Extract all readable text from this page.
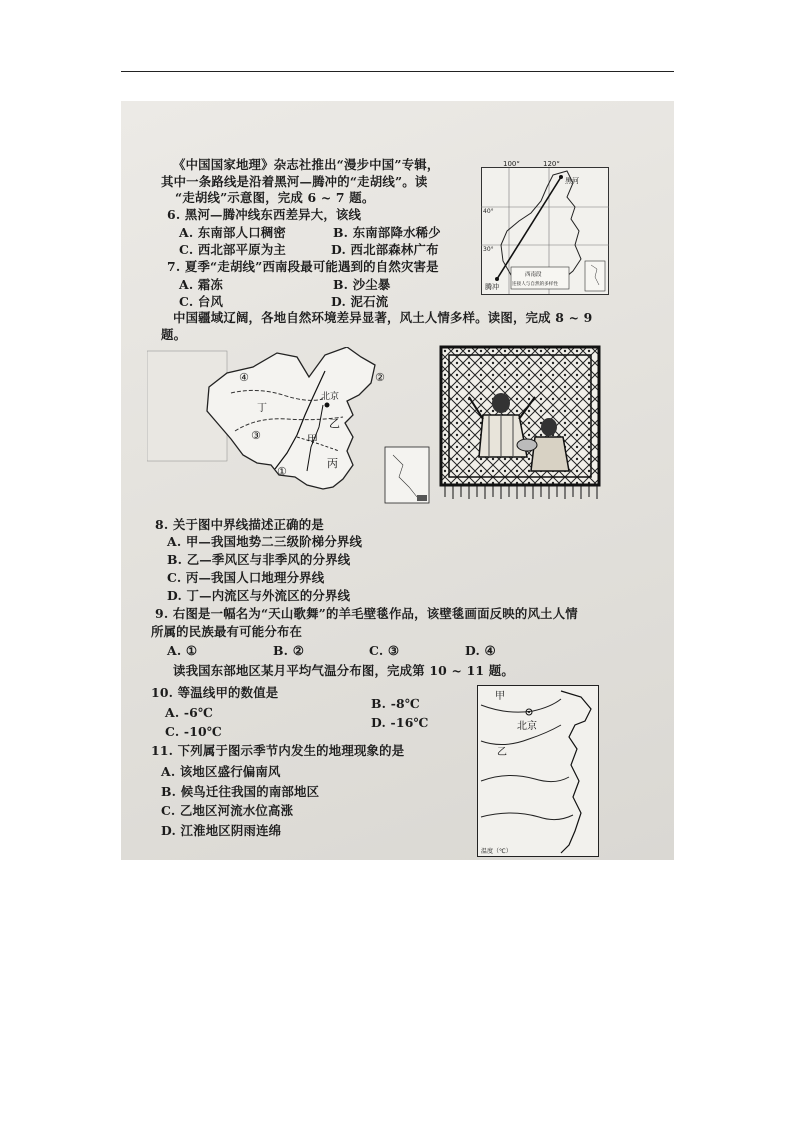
《中国国家地理》杂志社推出“漫步中国”专辑，
其中一条路线是沿着黑河—腾冲的“走胡线”。读
“走胡线”示意图，完成 6 ~ 7 题。
6. 黑河—腾冲线东西差异大，该线
A. 东南部人口稠密	B. 东南部降水稀少
C. 西北部平原为主	D. 西北部森林广布
7. 夏季“走胡线”西南段最可能遇到的自然灾害是
A. 霜冻	B. 沙尘暴
C. 台风	D. 泥石流
100°	120°
40°
30°
黑河
腾冲
西南段
连接人与自然的多样性
中国疆域辽阔，各地自然环境差异显著，风土人情多样。读图，完成 8 ~ 9
题。
北京
②
④
③
①
甲
乙
丙
丁
8. 关于图中界线描述正确的是
A. 甲—我国地势二三级阶梯分界线
B. 乙—季风区与非季风的分界线
C. 丙—我国人口地理分界线
D. 丁—内流区与外流区的分界线
9. 右图是一幅名为“天山歌舞”的羊毛壁毯作品，该壁毯画面反映的风土人情
所属的民族最有可能分布在
A. ①	B. ②	C. ③	D. ④
读我国东部地区某月平均气温分布图，完成第 10 ~ 11 题。
10. 等温线甲的数值是
B. -8℃
A. -6℃
D. -16℃
C. -10℃
11. 下列属于图示季节内发生的地理现象的是
A. 该地区盛行偏南风
B. 候鸟迁往我国的南部地区
C. 乙地区河流水位高涨
D. 江淮地区阴雨连绵
甲
北京
乙
温度（℃）
